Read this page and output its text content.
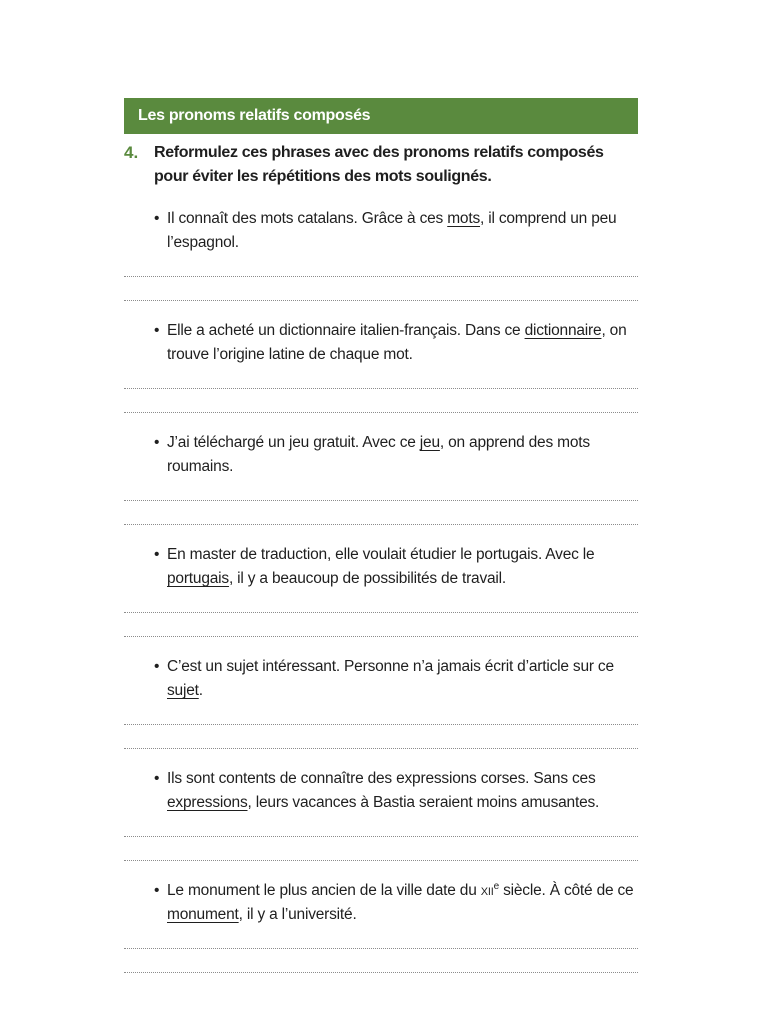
Les pronoms relatifs composés
4. Reformulez ces phrases avec des pronoms relatifs composés pour éviter les répétitions des mots soulignés.
• Il connaît des mots catalans. Grâce à ces mots, il comprend un peu l’espagnol.
• Elle a acheté un dictionnaire italien-français. Dans ce dictionnaire, on trouve l’origine latine de chaque mot.
• J’ai téléchargé un jeu gratuit. Avec ce jeu, on apprend des mots roumains.
• En master de traduction, elle voulait étudier le portugais. Avec le portugais, il y a beaucoup de possibilités de travail.
• C’est un sujet intéressant. Personne n’a jamais écrit d’article sur ce sujet.
• Ils sont contents de connaître des expressions corses. Sans ces expressions, leurs vacances à Bastia seraient moins amusantes.
• Le monument le plus ancien de la ville date du xii$^e$ siècle. À côté de ce monument, il y a l’université.
